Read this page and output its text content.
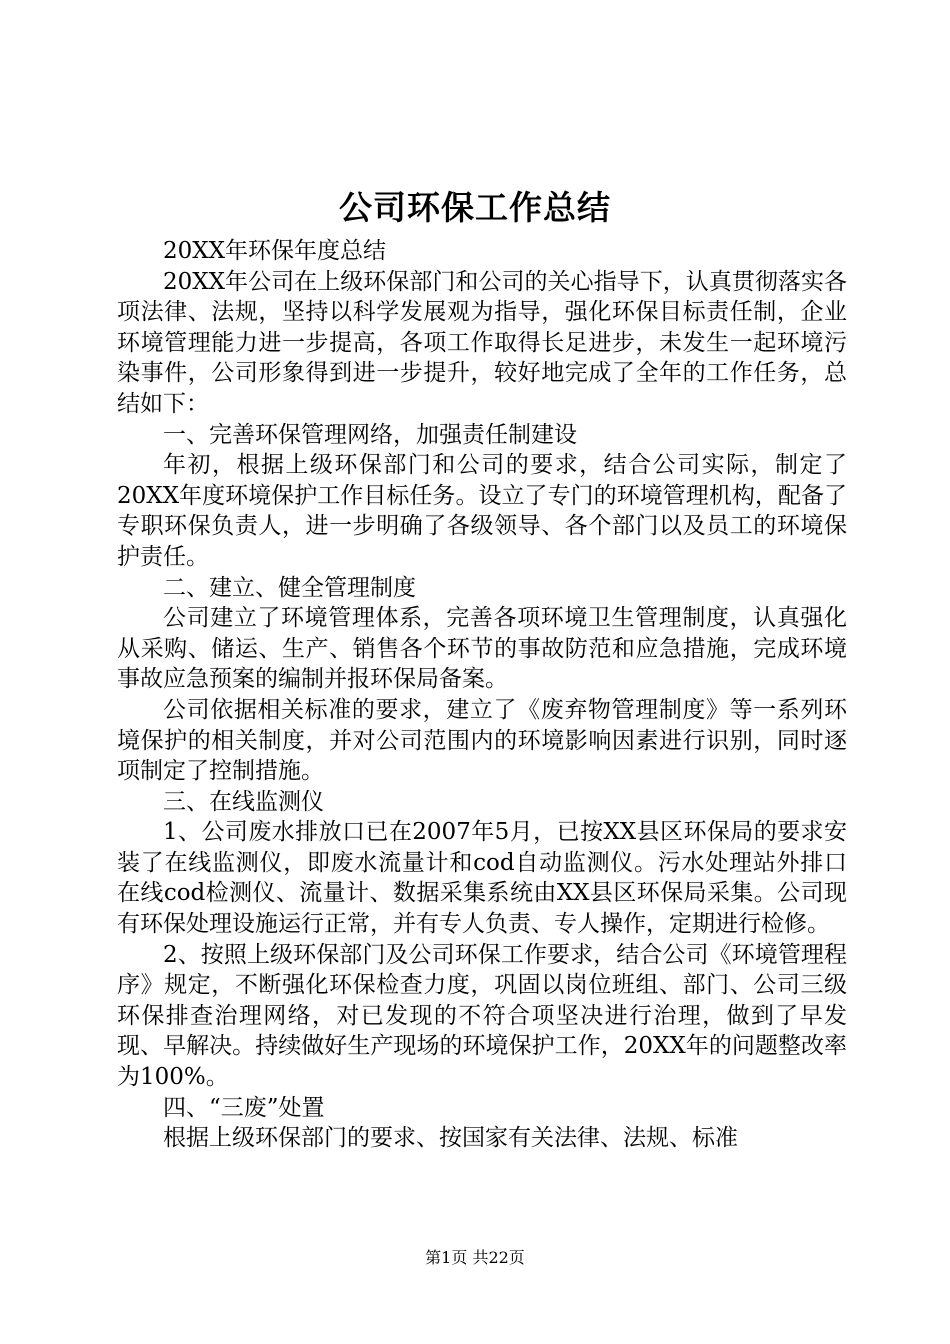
公司环保工作总结

20XX年环保年度总结

20XX年公司在上级环保部门和公司的关心指导下，认真贯彻落实各项法律、法规，坚持以科学发展观为指导，强化环保目标责任制，企业环境管理能力进一步提高，各项工作取得长足进步，未发生一起环境污染事件，公司形象得到进一步提升，较好地完成了全年的工作任务，总结如下：

一、完善环保管理网络，加强责任制建设

年初，根据上级环保部门和公司的要求，结合公司实际，制定了20XX年度环境保护工作目标任务。设立了专门的环境管理机构，配备了专职环保负责人，进一步明确了各级领导、各个部门以及员工的环境保护责任。

二、建立、健全管理制度

公司建立了环境管理体系，完善各项环境卫生管理制度，认真强化从采购、储运、生产、销售各个环节的事故防范和应急措施，完成环境事故应急预案的编制并报环保局备案。

公司依据相关标准的要求，建立了《废弃物管理制度》等一系列环境保护的相关制度，并对公司范围内的环境影响因素进行识别，同时逐项制定了控制措施。

三、在线监测仪

1、公司废水排放口已在2007年5月，已按XX县区环保局的要求安装了在线监测仪，即废水流量计和cod自动监测仪。污水处理站外排口在线cod检测仪、流量计、数据采集系统由XX县区环保局采集。公司现有环保处理设施运行正常，并有专人负责、专人操作，定期进行检修。

2、按照上级环保部门及公司环保工作要求，结合公司《环境管理程序》规定，不断强化环保检查力度，巩固以岗位班组、部门、公司三级环保排查治理网络，对已发现的不符合项坚决进行治理，做到了早发现、早解决。持续做好生产现场的环境保护工作，20XX年的问题整改率为100%。

四、“三废”处置

根据上级环保部门的要求、按国家有关法律、法规、标准

第1页 共22页
